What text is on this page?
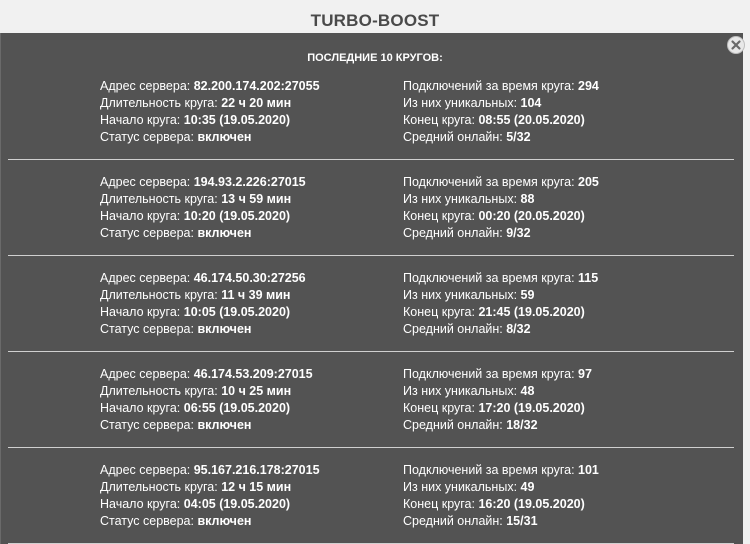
TURBO-BOOST
ПОСЛЕДНИЕ 10 КРУГОВ:
Адрес сервера: 82.200.174.202:27055
Длительность круга: 22 ч 20 мин
Начало круга: 10:35 (19.05.2020)
Статус сервера: включен
Подключений за время круга: 294
Из них уникальных: 104
Конец круга: 08:55 (20.05.2020)
Средний онлайн: 5/32
Адрес сервера: 194.93.2.226:27015
Длительность круга: 13 ч 59 мин
Начало круга: 10:20 (19.05.2020)
Статус сервера: включен
Подключений за время круга: 205
Из них уникальных: 88
Конец круга: 00:20 (20.05.2020)
Средний онлайн: 9/32
Адрес сервера: 46.174.50.30:27256
Длительность круга: 11 ч 39 мин
Начало круга: 10:05 (19.05.2020)
Статус сервера: включен
Подключений за время круга: 115
Из них уникальных: 59
Конец круга: 21:45 (19.05.2020)
Средний онлайн: 8/32
Адрес сервера: 46.174.53.209:27015
Длительность круга: 10 ч 25 мин
Начало круга: 06:55 (19.05.2020)
Статус сервера: включен
Подключений за время круга: 97
Из них уникальных: 48
Конец круга: 17:20 (19.05.2020)
Средний онлайн: 18/32
Адрес сервера: 95.167.216.178:27015
Длительность круга: 12 ч 15 мин
Начало круга: 04:05 (19.05.2020)
Статус сервера: включен
Подключений за время круга: 101
Из них уникальных: 49
Конец круга: 16:20 (19.05.2020)
Средний онлайн: 15/31
